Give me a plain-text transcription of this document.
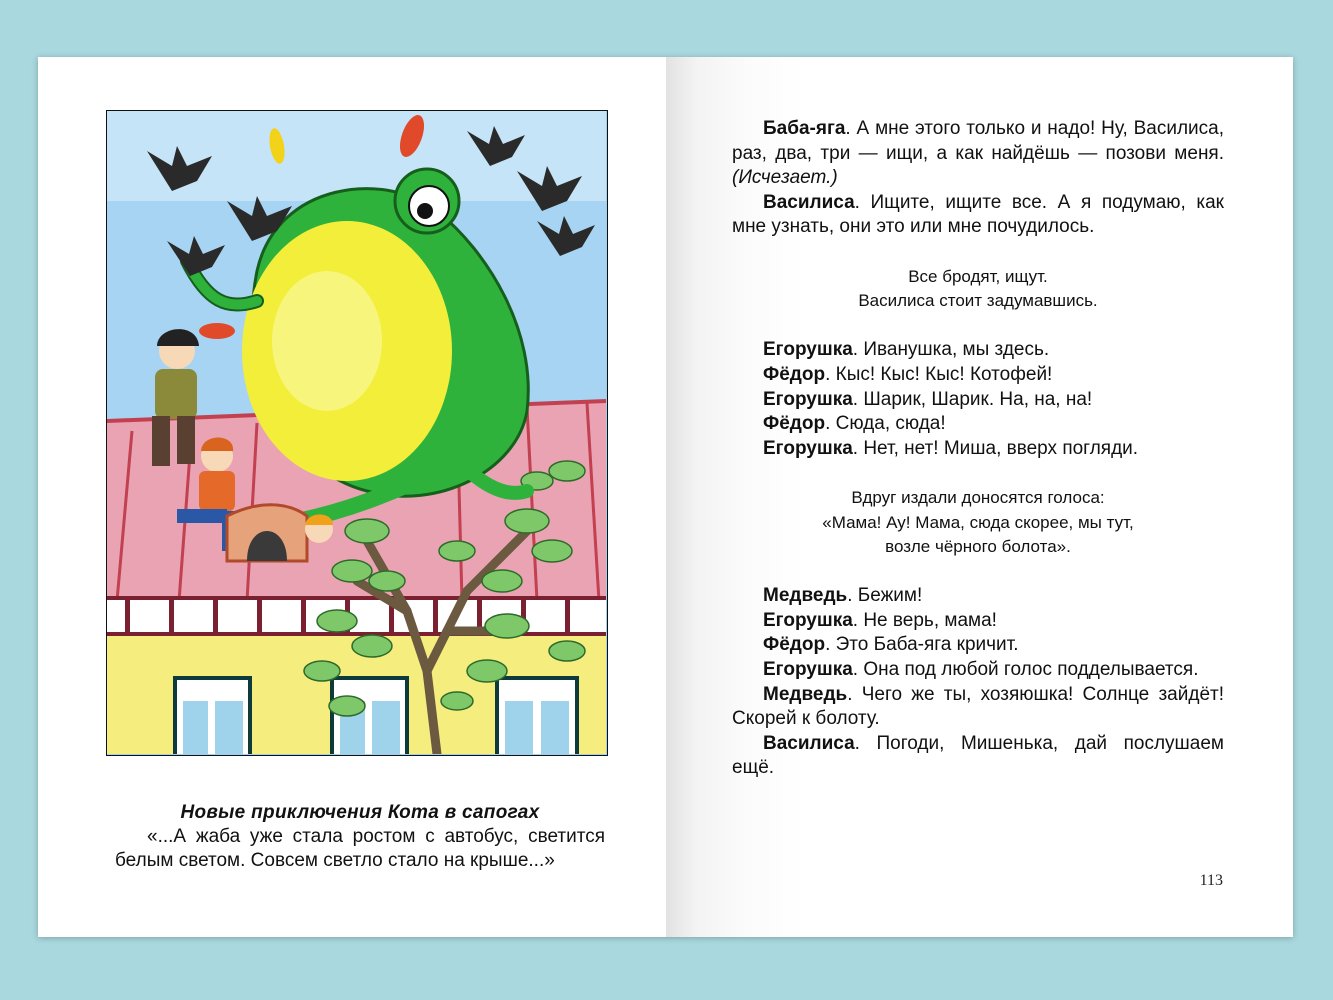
Новые приключения Кота в сапогах
«...А жаба уже стала ростом с автобус, светится белым светом. Совсем светло стало на крыше...»

Баба-яга. А мне этого только и надо! Ну, Василиса, раз, два, три — ищи, а как найдёшь — позови меня. (Исчезает.)

Василиса. Ищите, ищите все. А я подумаю, как мне узнать, они это или мне почудилось.

Все бродят, ищут.

Василиса стоит задумавшись.

Егорушка. Иванушка, мы здесь.

Фёдор. Кыс! Кыс! Кыс! Котофей!

Егорушка. Шарик, Шарик. На, на, на!

Фёдор. Сюда, сюда!

Егорушка. Нет, нет! Миша, вверх погляди.

Вдруг издали доносятся голоса:

«Мама! Ау! Мама, сюда скорее, мы тут,

возле чёрного болота».

Медведь. Бежим!

Егорушка. Не верь, мама!

Фёдор. Это Баба-яга кричит.

Егорушка. Она под любой голос подделывается.

Медведь. Чего же ты, хозяюшка! Солнце зайдёт! Скорей к болоту.

Василиса. Погоди, Мишенька, дай послушаем ещё.

113
